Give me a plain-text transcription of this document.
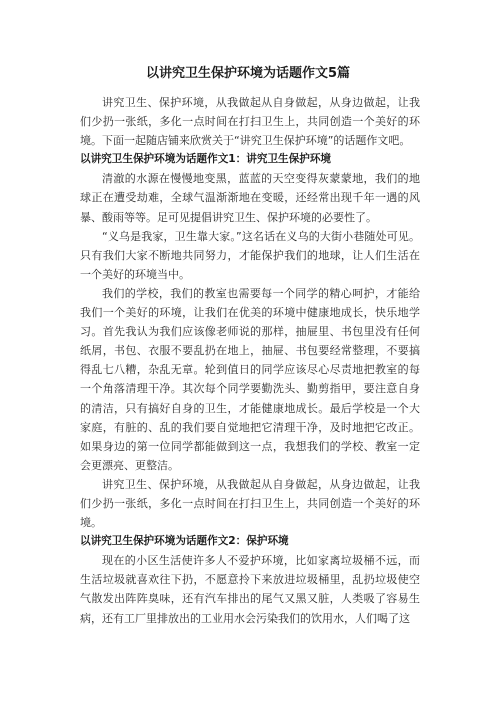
以讲究卫生保护环境为话题作文5篇

讲究卫生、保护环境，从我做起从自身做起，从身边做起，让我们少扔一张纸，多化一点时间在打扫卫生上，共同创造一个美好的环境。下面一起随店铺来欣赏关于“讲究卫生保护环境”的话题作文吧。

以讲究卫生保护环境为话题作文1：讲究卫生保护环境

清澈的水源在慢慢地变黑，蓝蓝的天空变得灰蒙蒙地，我们的地球正在遭受劫难，全球气温渐渐地在变暖，还经常出现千年一遇的风暴、酸雨等等。足可见提倡讲究卫生、保护环境的必要性了。

“义乌是我家，卫生靠大家。”这名话在义乌的大街小巷随处可见。只有我们大家不断地共同努力，才能保护我们的地球，让人们生活在一个美好的环境当中。

我们的学校，我们的教室也需要每一个同学的精心呵护，才能给我们一个美好的环境，让我们在优美的环境中健康地成长，快乐地学习。首先我认为我们应该像老师说的那样，抽屉里、书包里没有任何纸屑，书包、衣服不要乱扔在地上，抽屉、书包要经常整理，不要搞得乱七八糟，杂乱无章。轮到值日的同学应该尽心尽责地把教室的每一个角落清理干净。其次每个同学要勤洗头、勤剪指甲，要注意自身的清洁，只有搞好自身的卫生，才能健康地成长。最后学校是一个大家庭，有脏的、乱的我们要自觉地把它清理干净，及时地把它改正。如果身边的第一位同学都能做到这一点，我想我们的学校、教室一定会更漂亮、更整洁。

讲究卫生、保护环境，从我做起从自身做起，从身边做起，让我们少扔一张纸，多化一点时间在打扫卫生上，共同创造一个美好的环境。

以讲究卫生保护环境为话题作文2：保护环境

现在的小区生活使许多人不爱护环境，比如家离垃圾桶不远，而生活垃圾就喜欢往下扔，不愿意拎下来放进垃圾桶里，乱扔垃圾使空气散发出阵阵臭味，还有汽车排出的尾气又黑又脏，人类吸了容易生病，还有工厂里排放出的工业用水会污染我们的饮用水，人们喝了这
